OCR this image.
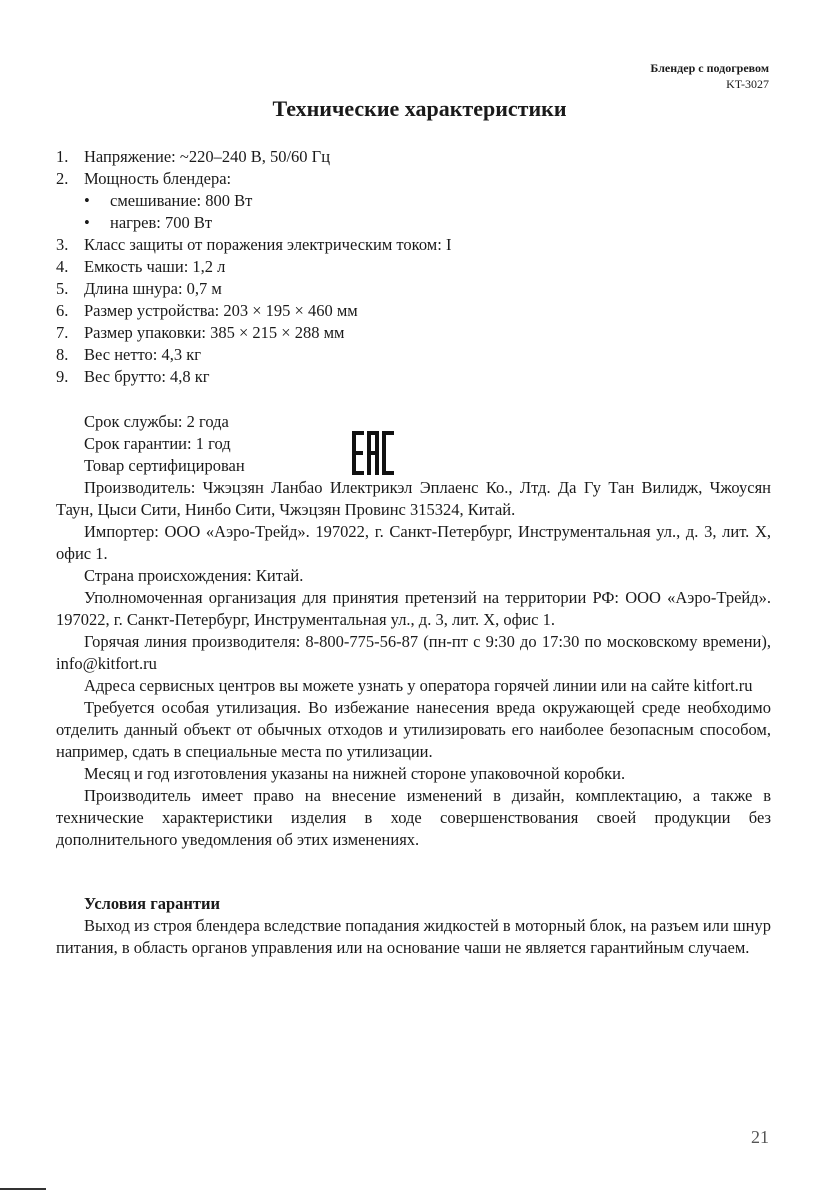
Блендер с подогревом
KT-3027
Технические характеристики
1. Напряжение: ~220–240 В, 50/60 Гц
2. Мощность блендера:
•	смешивание: 800 Вт
•	нагрев: 700 Вт
3. Класс защиты от поражения электрическим током: I
4. Емкость чаши: 1,2 л
5. Длина шнура: 0,7 м
6. Размер устройства: 203 × 195 × 460 мм
7. Размер упаковки: 385 × 215 × 288 мм
8. Вес нетто: 4,3 кг
9. Вес брутто: 4,8 кг
Срок службы: 2 года
Срок гарантии: 1 год
Товар сертифицирован

Производитель: Чжэцзян Ланбао Илектрикэл Эплаенс Ко., Лтд. Да Гу Тан Вилидж, Чжоусян Таун, Цыси Сити, Нинбо Сити, Чжэцзян Провинс 315324, Китай.

Импортер: ООО «Аэро-Трейд». 197022, г. Санкт-Петербург, Инструментальная ул., д. 3, лит. Х, офис 1.

Страна происхождения: Китай.

Уполномоченная организация для принятия претензий на территории РФ: ООО «Аэро-Трейд». 197022, г. Санкт-Петербург, Инструментальная ул., д. 3, лит. Х, офис 1.

Горячая линия производителя: 8-800-775-56-87 (пн-пт с 9:30 до 17:30 по московскому времени), info@kitfort.ru

Адреса сервисных центров вы можете узнать у оператора горячей линии или на сайте kitfort.ru

Требуется особая утилизация. Во избежание нанесения вреда окружающей среде необходимо отделить данный объект от обычных отходов и утилизировать его наиболее безопасным способом, например, сдать в специальные места по утилизации.

Месяц и год изготовления указаны на нижней стороне упаковочной коробки.

Производитель имеет право на внесение изменений в дизайн, комплектацию, а также в технические характеристики изделия в ходе совершенствования своей продукции без дополнительного уведомления об этих изменениях.

Условия гарантии

Выход из строя блендера вследствие попадания жидкостей в моторный блок, на разъем или шнур питания, в область органов управления или на основание чаши не является гарантийным случаем.

21
